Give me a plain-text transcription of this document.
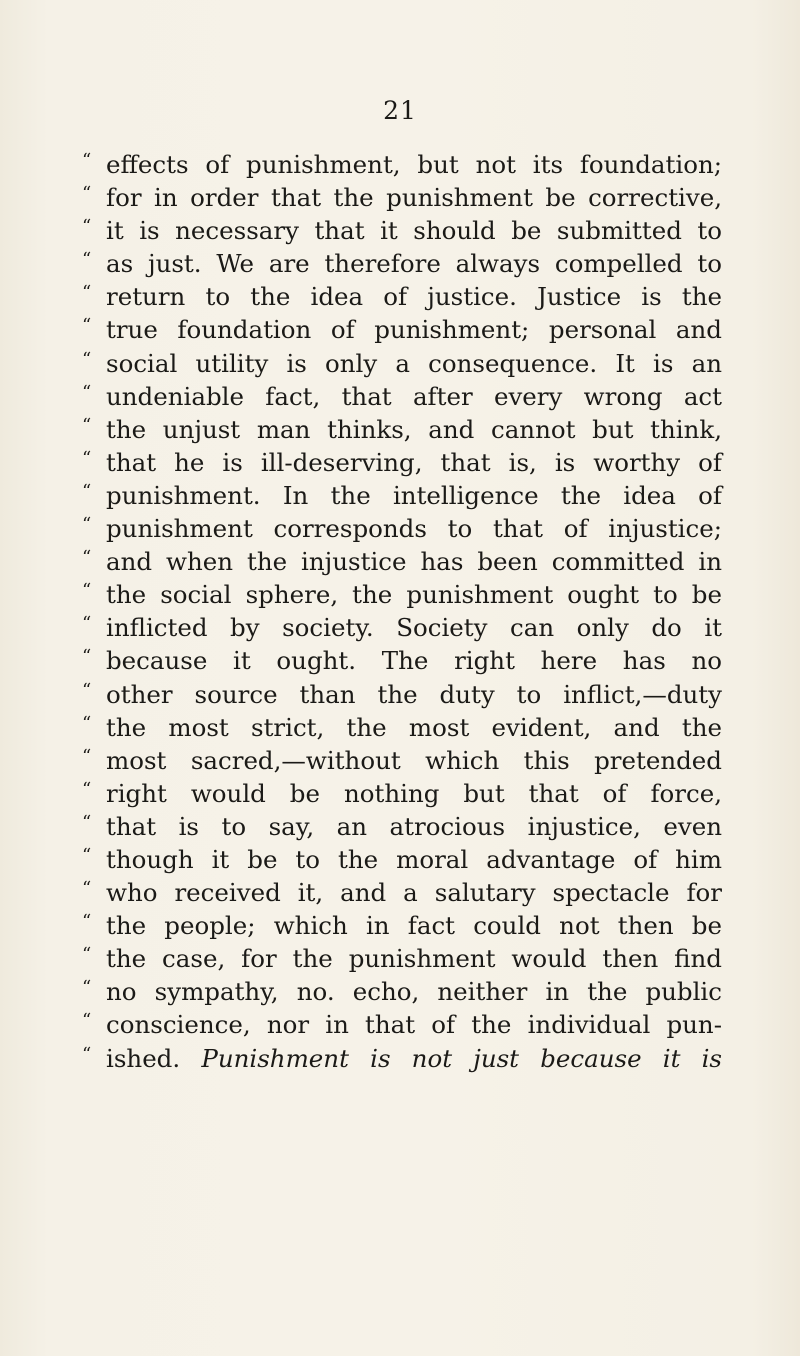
21
“ effects of punishment, but not its foundation;
“ for in order that the punishment be corrective,
“ it is necessary that it should be submitted to
“ as just. We are therefore always compelled to
“ return to the idea of justice. Justice is the
“ true foundation of punishment; personal and
“ social utility is only a consequence. It is an
“ undeniable fact, that after every wrong act
“ the unjust man thinks, and cannot but think,
“ that he is ill-deserving, that is, is worthy of
“ punishment. In the intelligence the idea of
“ punishment corresponds to that of injustice;
“ and when the injustice has been committed in
“ the social sphere, the punishment ought to be
“ inflicted by society. Society can only do it
“ because it ought. The right here has no
“ other source than the duty to inflict,—duty
“ the most strict, the most evident, and the
“ most sacred,—without which this pretended
“ right would be nothing but that of force,
“ that is to say, an atrocious injustice, even
“ though it be to the moral advantage of him
“ who received it, and a salutary spectacle for
“ the people; which in fact could not then be
“ the case, for the punishment would then find
“ no sympathy, no. echo, neither in the public
“ conscience, nor in that of the individual pun-
“ ished. Punishment is not just because it is
